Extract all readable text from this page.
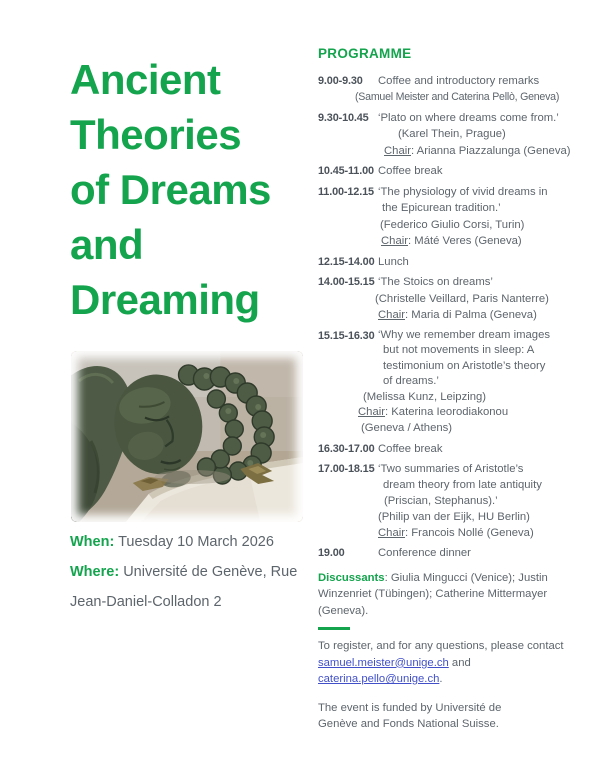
Ancient
Theories
of Dreams
and
Dreaming
When: Tuesday 10 March 2026
Where: Université de Genève, Rue
Jean-Daniel-Colladon 2

PROGRAMME

9.00-9.30	Coffee and introductory remarks
(Samuel Meister and Caterina Pellò, Geneva)
9.30-10.45 ‘Plato on where dreams come from.’
(Karel Thein, Prague)
Chair: Arianna Piazzalunga (Geneva)
10.45-11.00 Coffee break
11.00-12.15 ‘The physiology of vivid dreams in
the Epicurean tradition.’
(Federico Giulio Corsi, Turin)
Chair: Máté Veres (Geneva)
12.15-14.00 Lunch
14.00-15.15 ‘The Stoics on dreams’
(Christelle Veillard, Paris Nanterre)
Chair: Maria di Palma (Geneva)
15.15-16.30 ‘Why we remember dream images
but not movements in sleep: A
testimonium on Aristotle’s theory
of dreams.’
(Melissa Kunz, Leipzing)
Chair: Katerina Ieorodiakonou
(Geneva / Athens)
16.30-17.00 Coffee break
17.00-18.15 ‘Two summaries of Aristotle’s
dream theory from late antiquity
(Priscian, Stephanus).’
(Philip van der Eijk, HU Berlin)
Chair: Francois Nollé (Geneva)
19.00	Conference dinner

Discussants: Giulia Mingucci (Venice); Justin Winzenriet (Tübingen); Catherine Mittermayer (Geneva).

To register, and for any questions, please contact samuel.meister@unige.ch and caterina.pello@unige.ch.

The event is funded by Université de Genève and Fonds National Suisse.
